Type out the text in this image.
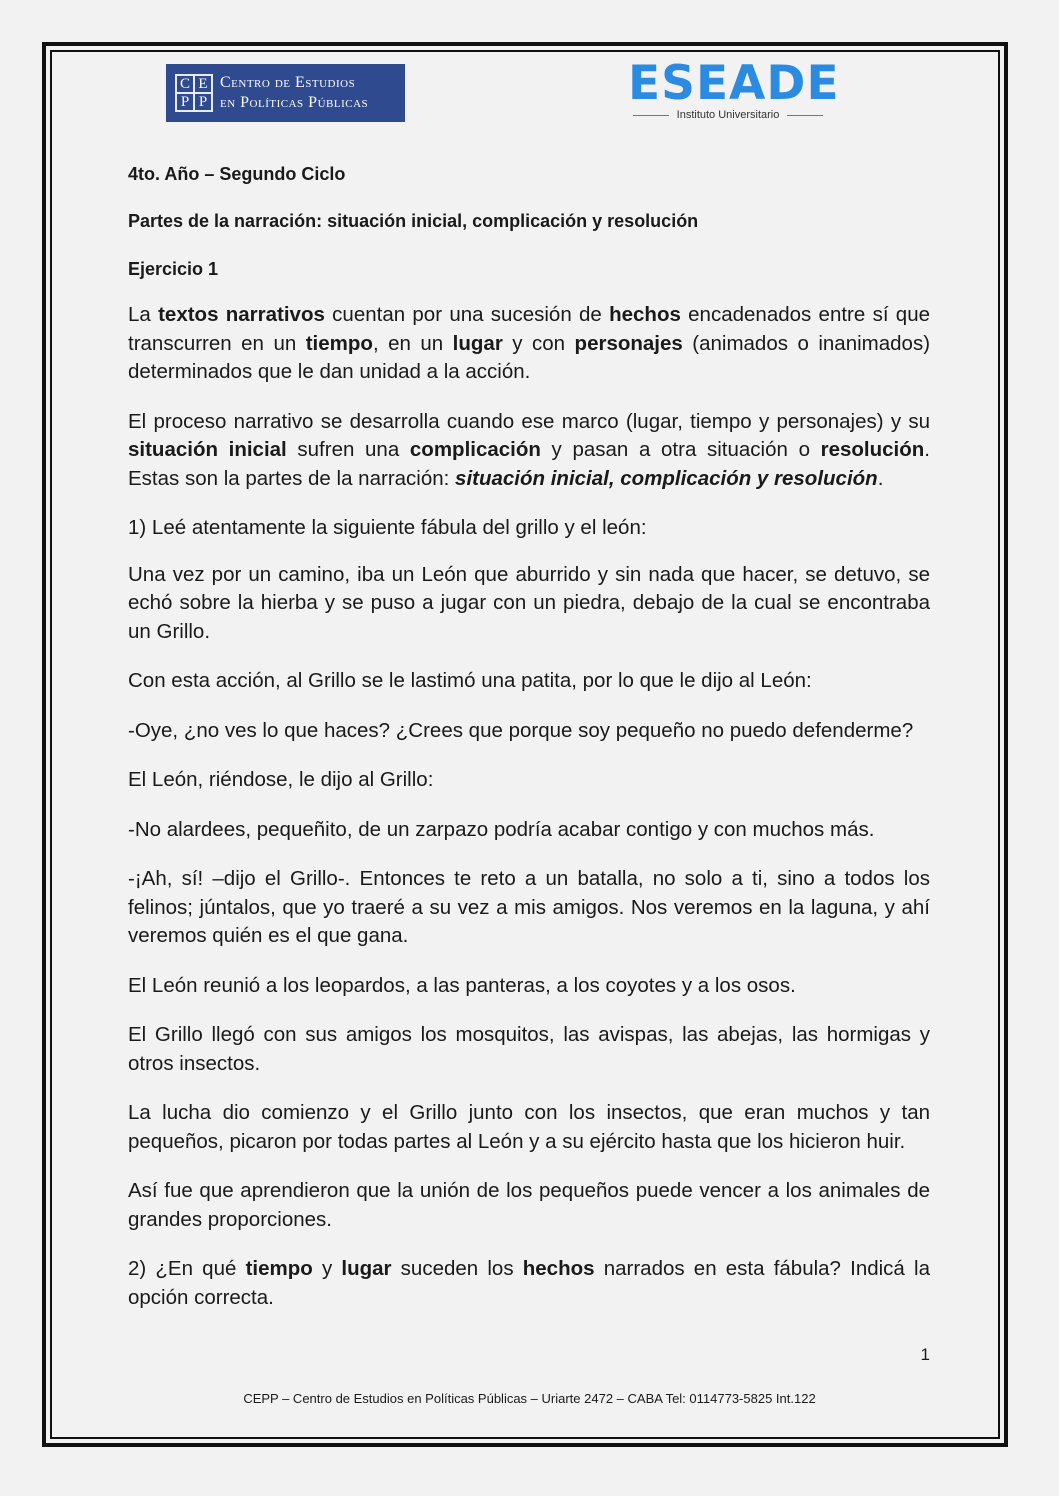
C E
P P
Centro de Estudios
en Políticas Públicas	ESEADE
Instituto Universitario

4to. Año – Segundo Ciclo

Partes de la narración: situación inicial, complicación y resolución

Ejercicio 1

La textos narrativos cuentan por una sucesión de hechos encadenados entre sí que transcurren en un tiempo, en un lugar y con personajes (animados o inanimados) determinados que le dan unidad a la acción.

El proceso narrativo se desarrolla cuando ese marco (lugar, tiempo y personajes) y su situación inicial sufren una complicación y pasan a otra situación o resolución. Estas son la partes de la narración: situación inicial, complicación y resolución.

1) Leé atentamente la siguiente fábula del grillo y el león:

Una vez por un camino, iba un León que aburrido y sin nada que hacer, se detuvo, se echó sobre la hierba y se puso a jugar con un piedra, debajo de la cual se encontraba un Grillo.

Con esta acción, al Grillo se le lastimó una patita, por lo que le dijo al León:

-Oye, ¿no ves lo que haces? ¿Crees que porque soy pequeño no puedo defenderme?

El León, riéndose, le dijo al Grillo:

-No alardees, pequeñito, de un zarpazo podría acabar contigo y con muchos más.

-¡Ah, sí! –dijo el Grillo-. Entonces te reto a un batalla, no solo a ti, sino a todos los felinos; júntalos, que yo traeré a su vez a mis amigos. Nos veremos en la laguna, y ahí veremos quién es el que gana.

El León reunió a los leopardos, a las panteras, a los coyotes y a los osos.

El Grillo llegó con sus amigos los mosquitos, las avispas, las abejas, las hormigas y otros insectos.

La lucha dio comienzo y el Grillo junto con los insectos, que eran muchos y tan pequeños, picaron por todas partes al León y a su ejército hasta que los hicieron huir.

Así fue que aprendieron que la unión de los pequeños puede vencer a los animales de grandes proporciones.

2) ¿En qué tiempo y lugar suceden los hechos narrados en esta fábula? Indicá la opción correcta.

1
CEPP – Centro de Estudios en Políticas Públicas – Uriarte 2472 – CABA Tel: 0114773-5825 Int.122
